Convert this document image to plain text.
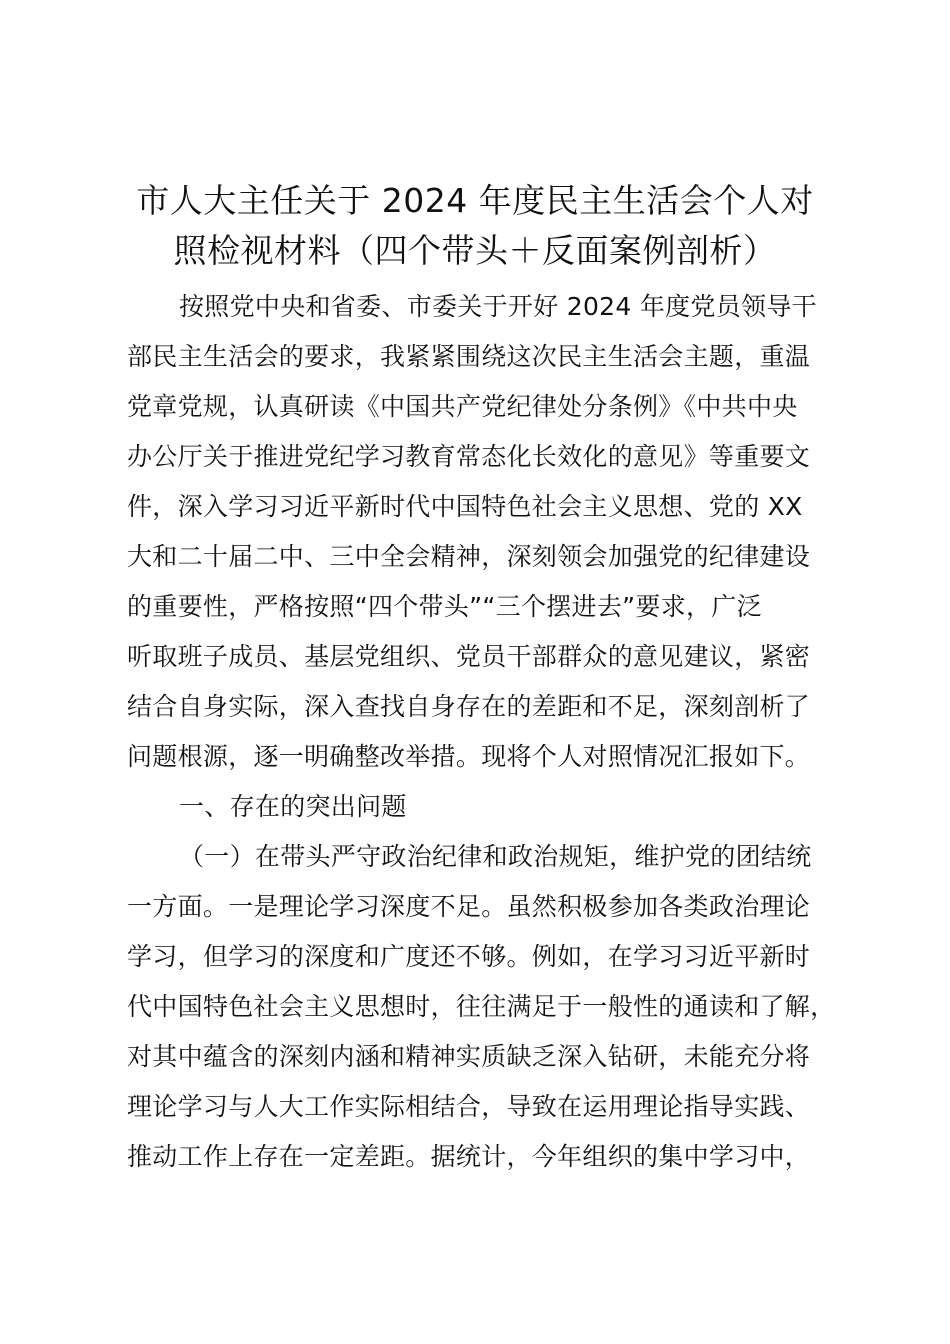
市人大主任关于 2024 年度民主生活会个人对
照检视材料（四个带头＋反面案例剖析）
按照党中央和省委、市委关于开好 2024 年度党员领导干
部民主生活会的要求，我紧紧围绕这次民主生活会主题，重温
党章党规，认真研读《中国共产党纪律处分条例》《中共中央
办公厅关于推进党纪学习教育常态化长效化的意见》等重要文
件，深入学习习近平新时代中国特色社会主义思想、党的 XX
大和二十届二中、三中全会精神，深刻领会加强党的纪律建设
的重要性，严格按照“四个带头”“三个摆进去”要求，广泛
听取班子成员、基层党组织、党员干部群众的意见建议，紧密
结合自身实际，深入查找自身存在的差距和不足，深刻剖析了
问题根源，逐一明确整改举措。现将个人对照情况汇报如下。
一、存在的突出问题
（一）在带头严守政治纪律和政治规矩，维护党的团结统
一方面。一是理论学习深度不足。虽然积极参加各类政治理论
学习，但学习的深度和广度还不够。例如，在学习习近平新时
代中国特色社会主义思想时，往往满足于一般性的通读和了解，
对其中蕴含的深刻内涵和精神实质缺乏深入钻研，未能充分将
理论学习与人大工作实际相结合，导致在运用理论指导实践、
推动工作上存在一定差距。据统计，今年组织的集中学习中，
